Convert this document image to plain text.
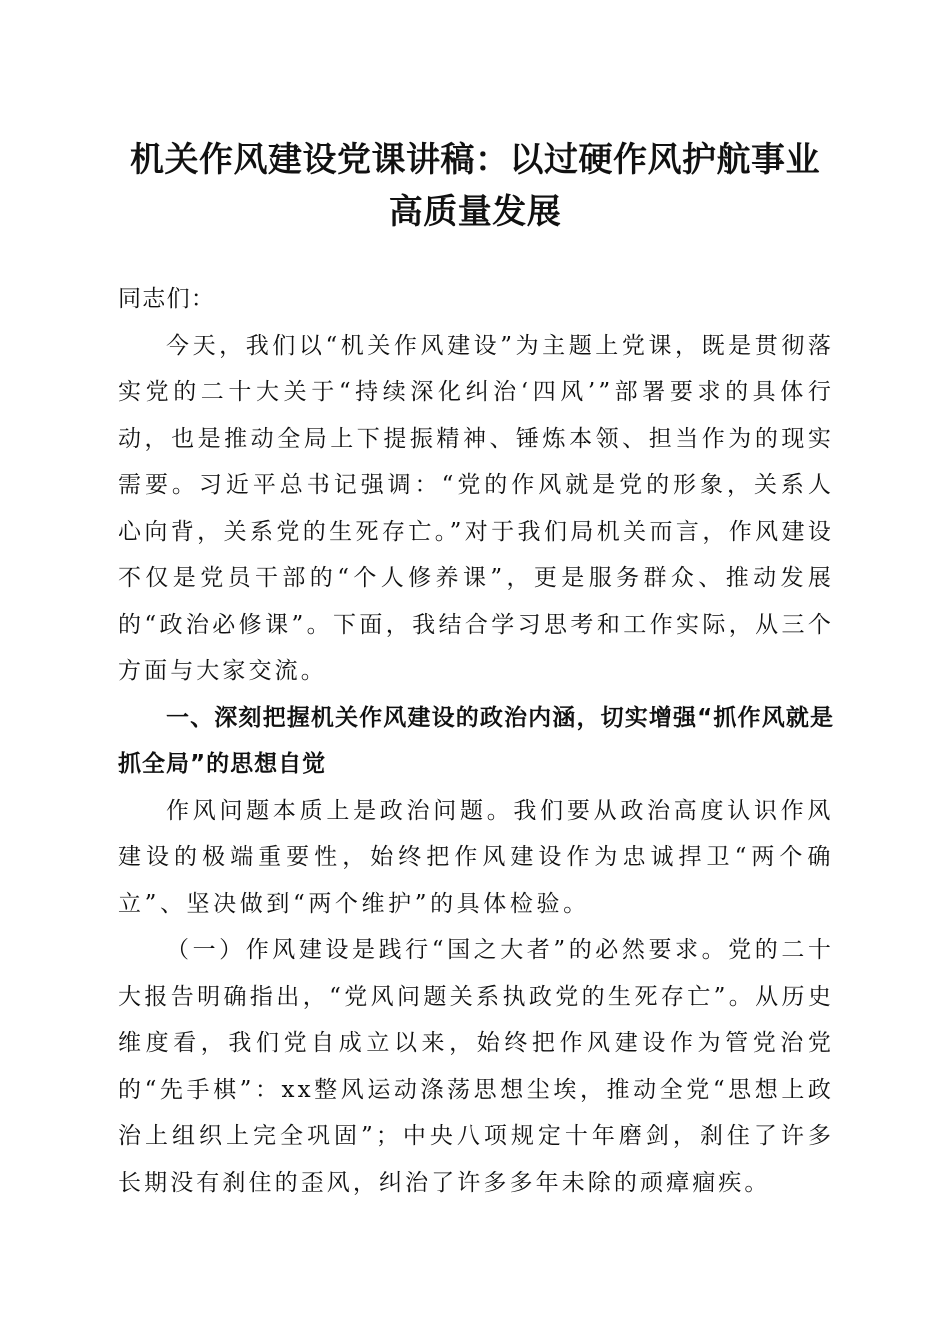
机关作风建设党课讲稿：以过硬作风护航事业
高质量发展

同志们：

今天，我们以“机关作风建设”为主题上党课，既是贯彻落实党的二十大关于“持续深化纠治‘四风’”部署要求的具体行动，也是推动全局上下提振精神、锤炼本领、担当作为的现实需要。习近平总书记强调：“党的作风就是党的形象，关系人心向背，关系党的生死存亡。”对于我们局机关而言，作风建设不仅是党员干部的“个人修养课”，更是服务群众、推动发展的“政治必修课”。下面，我结合学习思考和工作实际，从三个方面与大家交流。

一、深刻把握机关作风建设的政治内涵，切实增强“抓作风就是抓全局”的思想自觉

作风问题本质上是政治问题。我们要从政治高度认识作风建设的极端重要性，始终把作风建设作为忠诚捍卫“两个确立”、坚决做到“两个维护”的具体检验。

（一）作风建设是践行“国之大者”的必然要求。党的二十大报告明确指出，“党风问题关系执政党的生死存亡”。从历史维度看，我们党自成立以来，始终把作风建设作为管党治党的“先手棋”：xx整风运动涤荡思想尘埃，推动全党“思想上政治上组织上完全巩固”；中央八项规定十年磨剑，刹住了许多长期没有刹住的歪风，纠治了许多多年未除的顽瘴痼疾。
